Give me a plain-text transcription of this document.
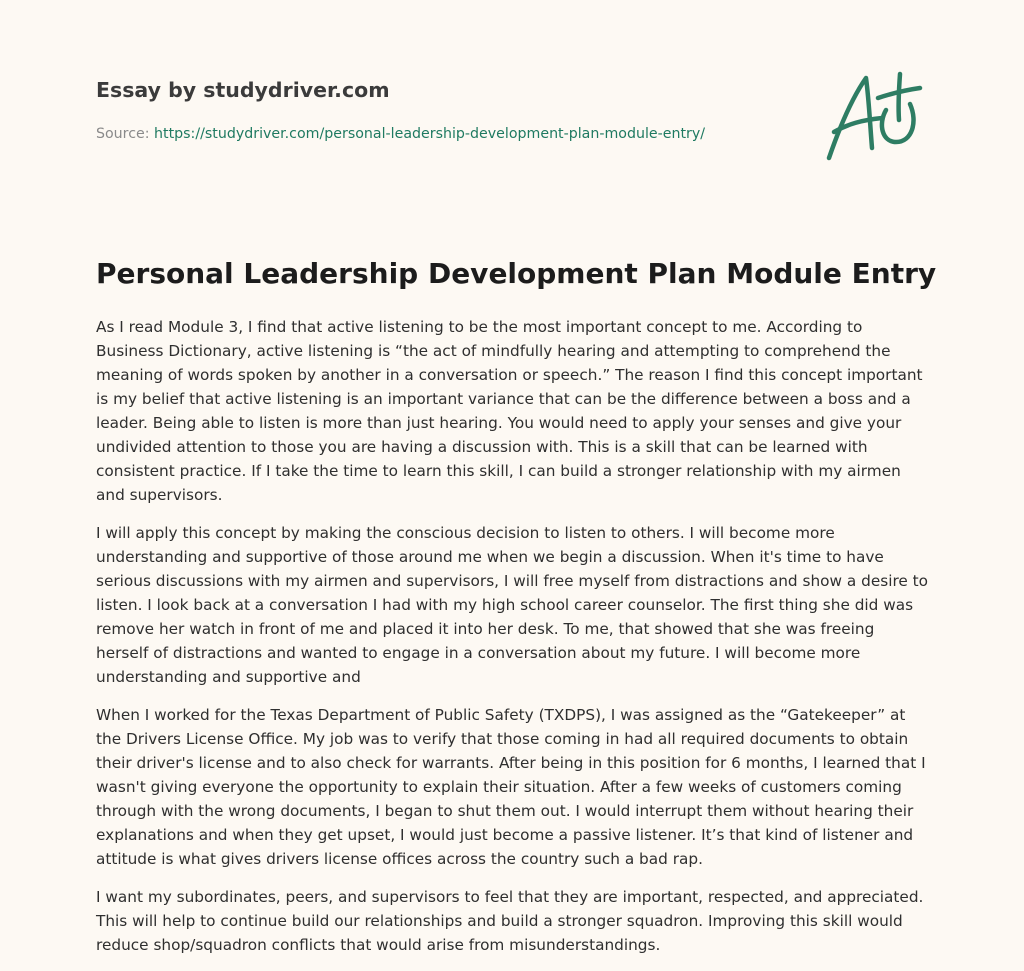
Essay by studydriver.com
Source: https://studydriver.com/personal-leadership-development-plan-module-entry/
Personal Leadership Development Plan Module Entry

As I read Module 3, I find that active listening to be the most important concept to me. According to Business Dictionary, active listening is “the act of mindfully hearing and attempting to comprehend the meaning of words spoken by another in a conversation or speech.” The reason I find this concept important is my belief that active listening is an important variance that can be the difference between a boss and a leader. Being able to listen is more than just hearing. You would need to apply your senses and give your undivided attention to those you are having a discussion with. This is a skill that can be learned with consistent practice. If I take the time to learn this skill, I can build a stronger relationship with my airmen and supervisors.

I will apply this concept by making the conscious decision to listen to others. I will become more understanding and supportive of those around me when we begin a discussion. When it's time to have serious discussions with my airmen and supervisors, I will free myself from distractions and show a desire to listen. I look back at a conversation I had with my high school career counselor. The first thing she did was remove her watch in front of me and placed it into her desk. To me, that showed that she was freeing herself of distractions and wanted to engage in a conversation about my future. I will become more understanding and supportive and

When I worked for the Texas Department of Public Safety (TXDPS), I was assigned as the “Gatekeeper” at the Drivers License Office. My job was to verify that those coming in had all required documents to obtain their driver's license and to also check for warrants. After being in this position for 6 months, I learned that I wasn't giving everyone the opportunity to explain their situation. After a few weeks of customers coming through with the wrong documents, I began to shut them out. I would interrupt them without hearing their explanations and when they get upset, I would just become a passive listener. It’s that kind of listener and attitude is what gives drivers license offices across the country such a bad rap.

I want my subordinates, peers, and supervisors to feel that they are important, respected, and appreciated. This will help to continue build our relationships and build a stronger squadron. Improving this skill would reduce shop/squadron conflicts that would arise from misunderstandings.
